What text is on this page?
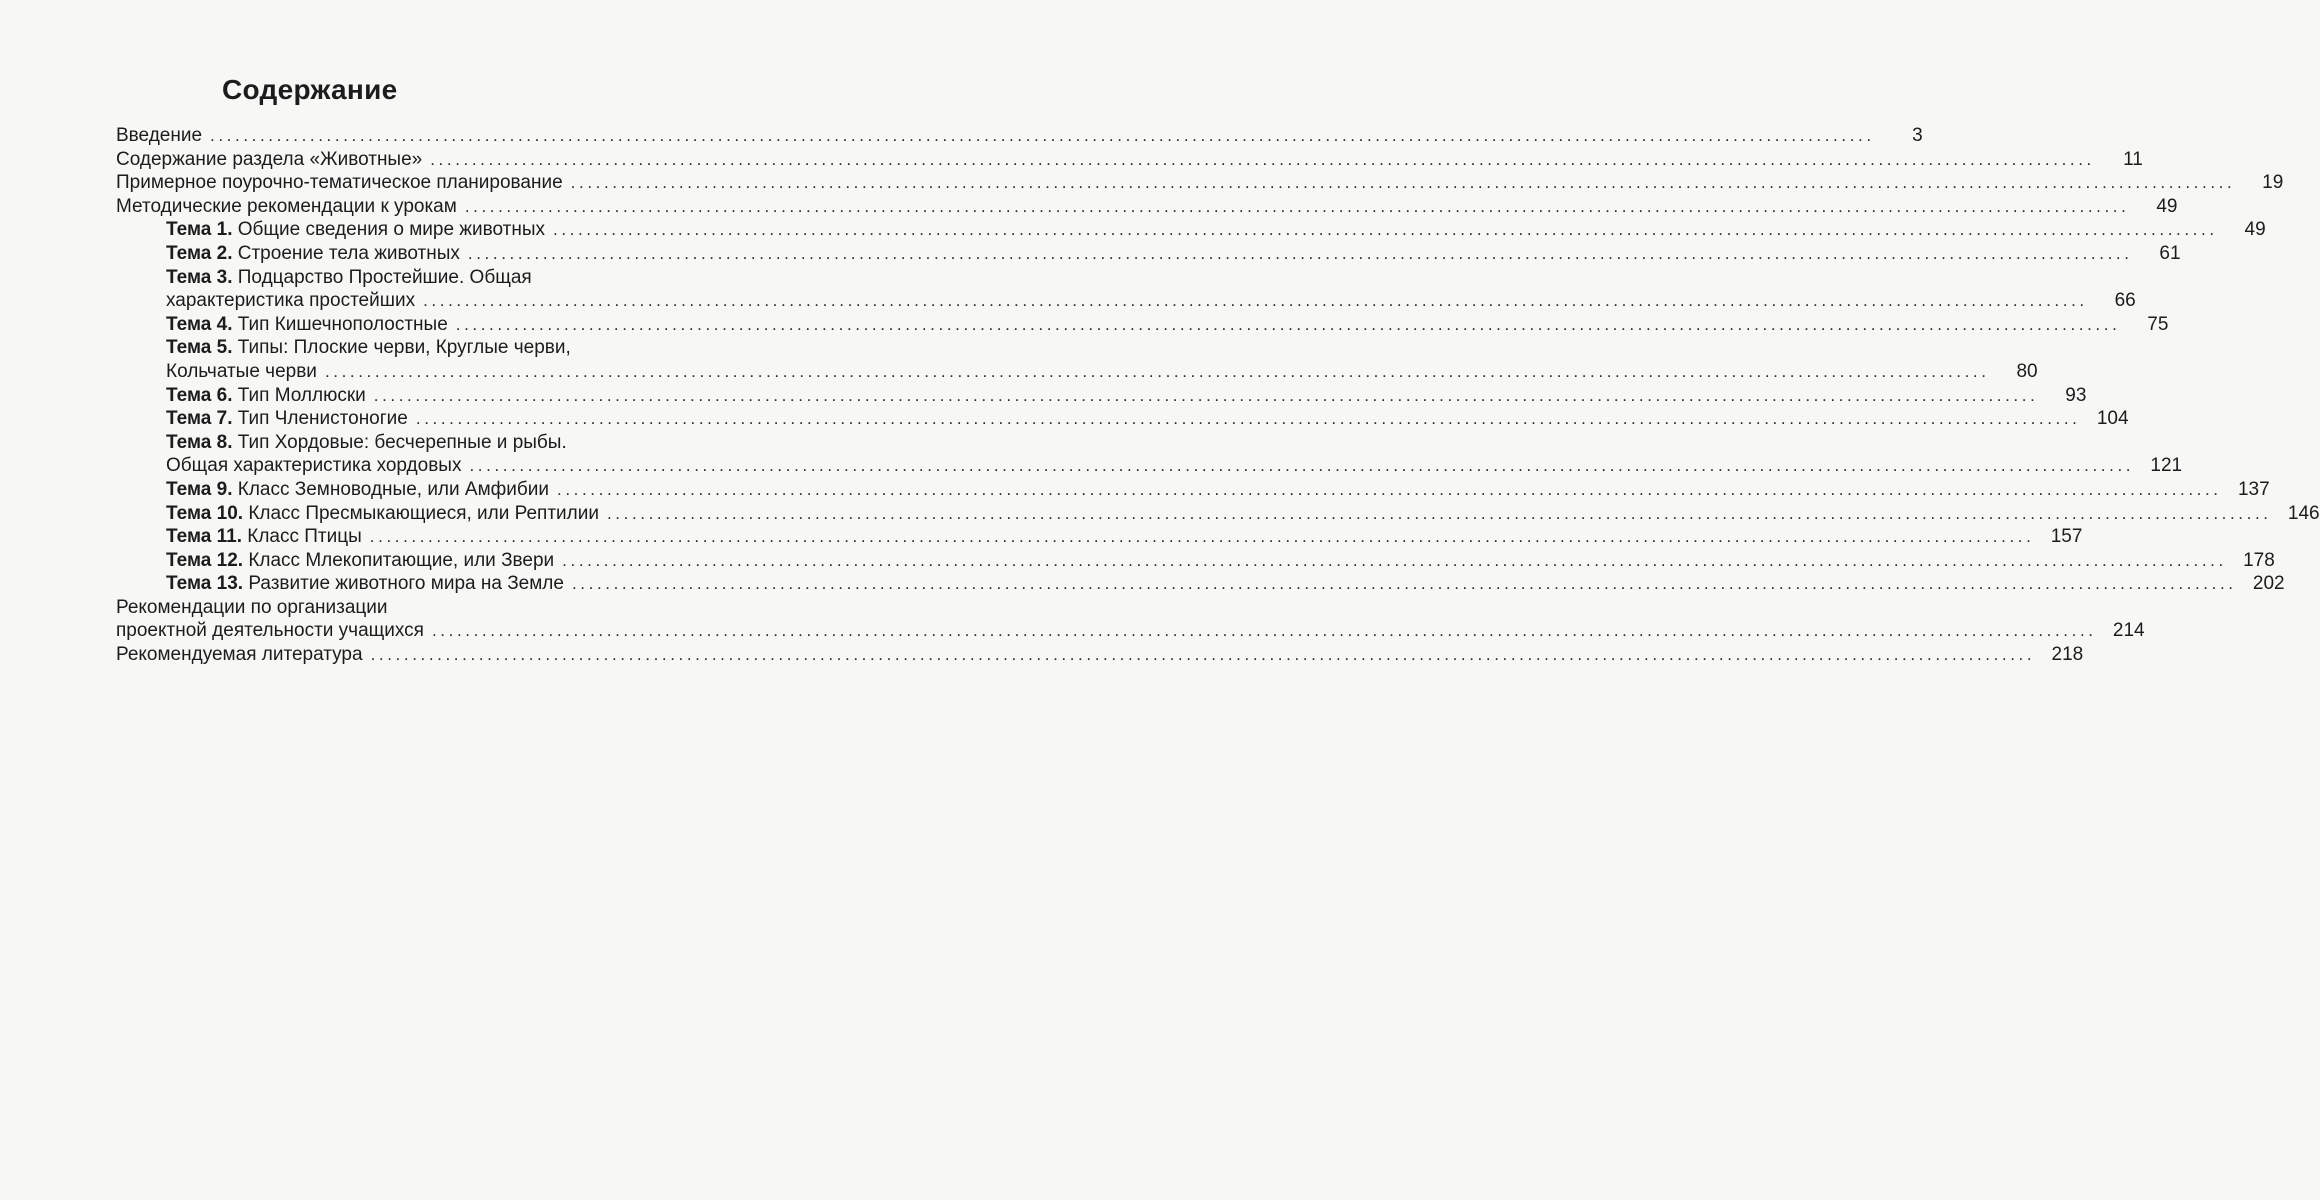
Содержание
Введение ........................................................................................................................................................................................................	3
Содержание раздела «Животные» ........................................................................................................................................................................................................	11
Примерное поурочно-тематическое планирование ........................................................................................................................................................................................................	19
Методические рекомендации к урокам ........................................................................................................................................................................................................	49
Тема 1. Общие сведения о мире животных ........................................................................................................................................................................................................	49
Тема 2. Строение тела животных ........................................................................................................................................................................................................	61
Тема 3. Подцарство Простейшие. Общая
характеристика простейших ........................................................................................................................................................................................................	66
Тема 4. Тип Кишечнополостные ........................................................................................................................................................................................................	75
Тема 5. Типы: Плоские черви, Круглые черви,
Кольчатые черви ........................................................................................................................................................................................................	80
Тема 6. Тип Моллюски ........................................................................................................................................................................................................	93
Тема 7. Тип Членистоногие ........................................................................................................................................................................................................ 104
Тема 8. Тип Хордовые: бесчерепные и рыбы.
Общая характеристика хордовых ........................................................................................................................................................................................................ 121
Тема 9. Класс Земноводные, или Амфибии ........................................................................................................................................................................................................ 137
Тема 10. Класс Пресмыкающиеся, или Рептилии ........................................................................................................................................................................................................ 146
Тема 11. Класс Птицы ........................................................................................................................................................................................................ 157
Тема 12. Класс Млекопитающие, или Звери ........................................................................................................................................................................................................ 178
Тема 13. Развитие животного мира на Земле ........................................................................................................................................................................................................ 202
Рекомендации по организации
проектной деятельности учащихся ........................................................................................................................................................................................................ 214
Рекомендуемая литература ........................................................................................................................................................................................................ 218
